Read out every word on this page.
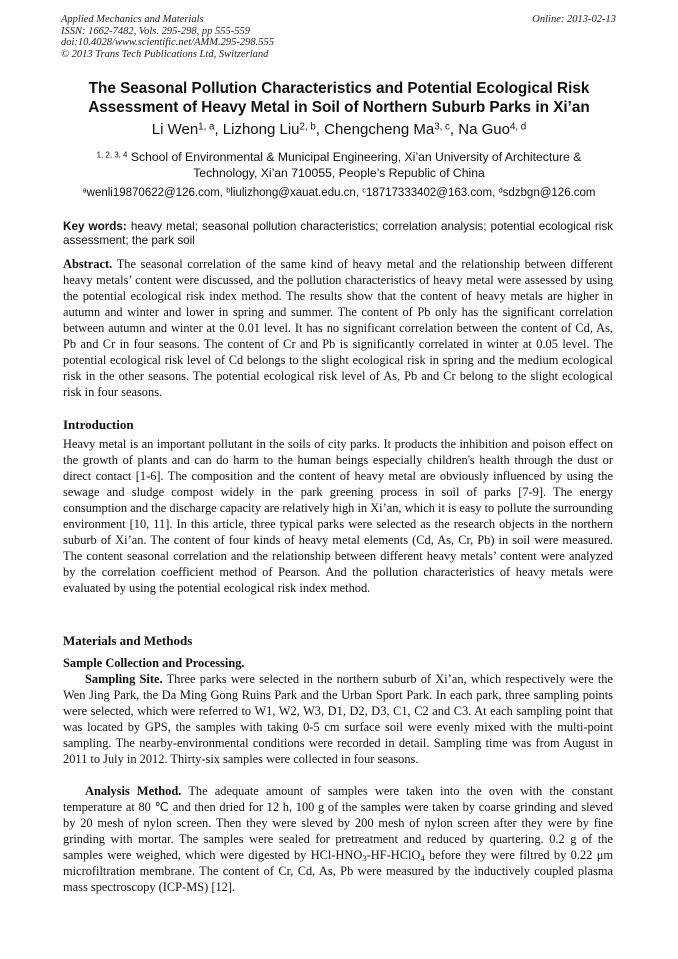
Applied Mechanics and Materials
ISSN: 1662-7482, Vols. 295-298, pp 555-559
doi:10.4028/www.scientific.net/AMM.295-298.555
© 2013 Trans Tech Publications Ltd, Switzerland
Online: 2013-02-13
The Seasonal Pollution Characteristics and Potential Ecological Risk
Assessment of Heavy Metal in Soil of Northern Suburb Parks in Xi’an
Li Wen$^{1, a}$, Lizhong Liu$^{2, b}$, Chengcheng Ma$^{3, c}$, Na Guo$^{4, d}$
$^{1, 2, 3, 4}$ School of Environmental & Municipal Engineering, Xi’an University of Architecture &
Technology, Xi’an 710055, People’s Republic of China
$^a$wenli19870622@126.com, $^b$liulizhong@xauat.edu.cn, $^c$18717333402@163.com, $^d$sdzbgn@126.com
Key words: heavy metal; seasonal pollution characteristics; correlation analysis; potential ecological risk assessment; the park soil
Abstract. The seasonal correlation of the same kind of heavy metal and the relationship between different heavy metals’ content were discussed, and the pollution characteristics of heavy metal were assessed by using the potential ecological risk index method. The results show that the content of heavy metals are higher in autumn and winter and lower in spring and summer. The content of Pb only has the significant correlation between autumn and winter at the 0.01 level. It has no significant correlation between the content of Cd, As, Pb and Cr in four seasons. The content of Cr and Pb is significantly correlated in winter at 0.05 level. The potential ecological risk level of Cd belongs to the slight ecological risk in spring and the medium ecological risk in the other seasons. The potential ecological risk level of As, Pb and Cr belong to the slight ecological risk in four seasons.
Introduction
Heavy metal is an important pollutant in the soils of city parks. It products the inhibition and poison effect on the growth of plants and can do harm to the human beings especially children's health through the dust or direct contact [1-6]. The composition and the content of heavy metal are obviously influenced by using the sewage and sludge compost widely in the park greening process in soil of parks [7-9]. The energy consumption and the discharge capacity are relatively high in Xi’an, which it is easy to pollute the surrounding environment [10, 11]. In this article, three typical parks were selected as the research objects in the northern suburb of Xi’an. The content of four kinds of heavy metal elements (Cd, As, Cr, Pb) in soil were measured. The content seasonal correlation and the relationship between different heavy metals’ content were analyzed by the correlation coefficient method of Pearson. And the pollution characteristics of heavy metals were evaluated by using the potential ecological risk index method.
Materials and Methods
Sample Collection and Processing.
Sampling Site. Three parks were selected in the northern suburb of Xi’an, which respectively were the Wen Jing Park, the Da Ming Gong Ruins Park and the Urban Sport Park. In each park, three sampling points were selected, which were referred to W1, W2, W3, D1, D2, D3, C1, C2 and C3. At each sampling point that was located by GPS, the samples with taking 0-5 cm surface soil were evenly mixed with the multi-point sampling. The nearby-environmental conditions were recorded in detail. Sampling time was from August in 2011 to July in 2012. Thirty-six samples were collected in four seasons.
Analysis Method. The adequate amount of samples were taken into the oven with the constant temperature at 80 ℃ and then dried for 12 h, 100 g of the samples were taken by coarse grinding and sleved by 20 mesh of nylon screen. Then they were sleved by 200 mesh of nylon screen after they were by fine grinding with mortar. The samples were sealed for pretreatment and reduced by quartering. 0.2 g of the samples were weighed, which were digested by HCl-$HNO_3-HF-HClO_4$ before they were filtred by 0.22 μm microfiltration membrane. The content of Cr, Cd, As, Pb were measured by the inductively coupled plasma mass spectroscopy (ICP-MS) [12].
